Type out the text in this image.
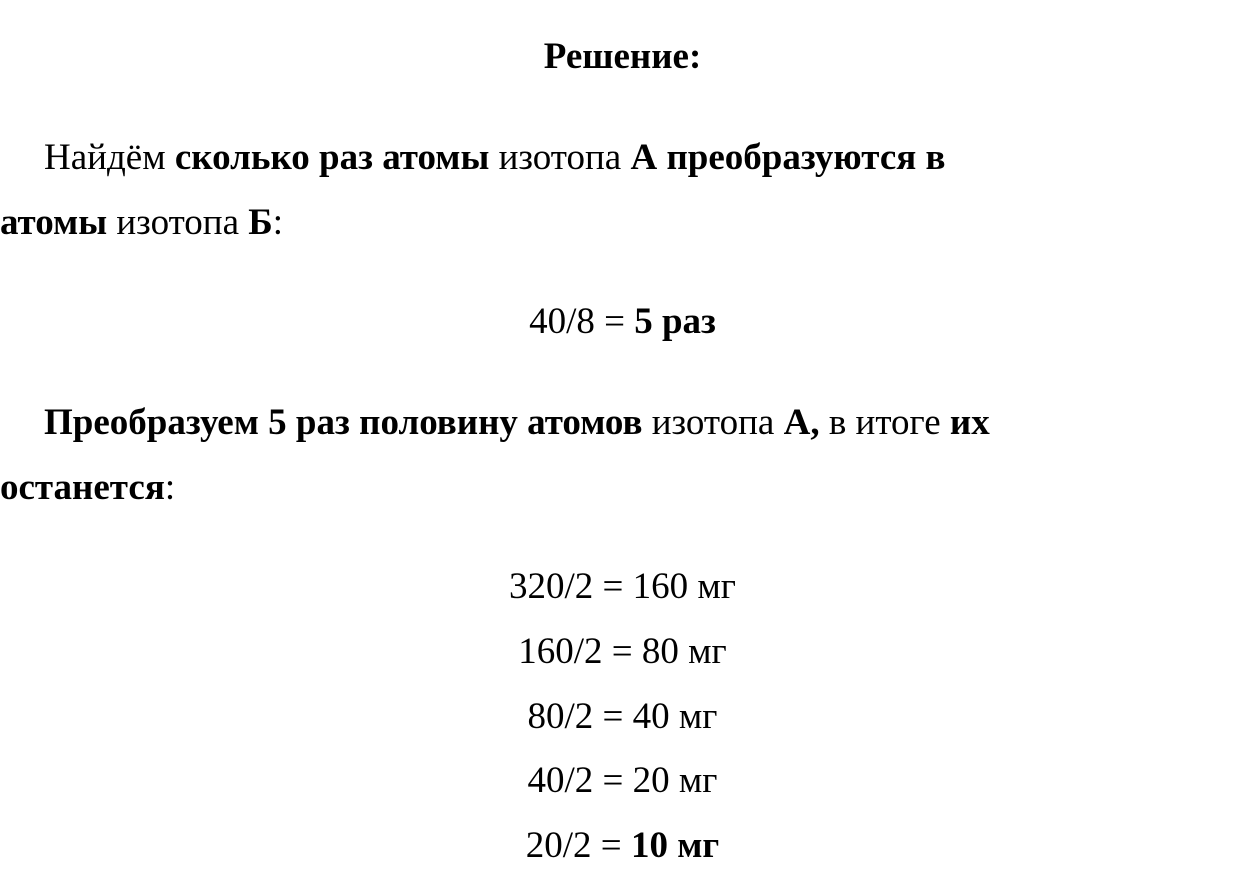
Решение:
Найдём сколько раз атомы изотопа А преобразуются в
атомы изотопа Б:
40/8 = 5 раз
Преобразуем 5 раз половину атомов изотопа А, в итоге их
останется:
320/2 = 160 мг
160/2 = 80 мг
80/2 = 40 мг
40/2 = 20 мг
20/2 = 10 мг
